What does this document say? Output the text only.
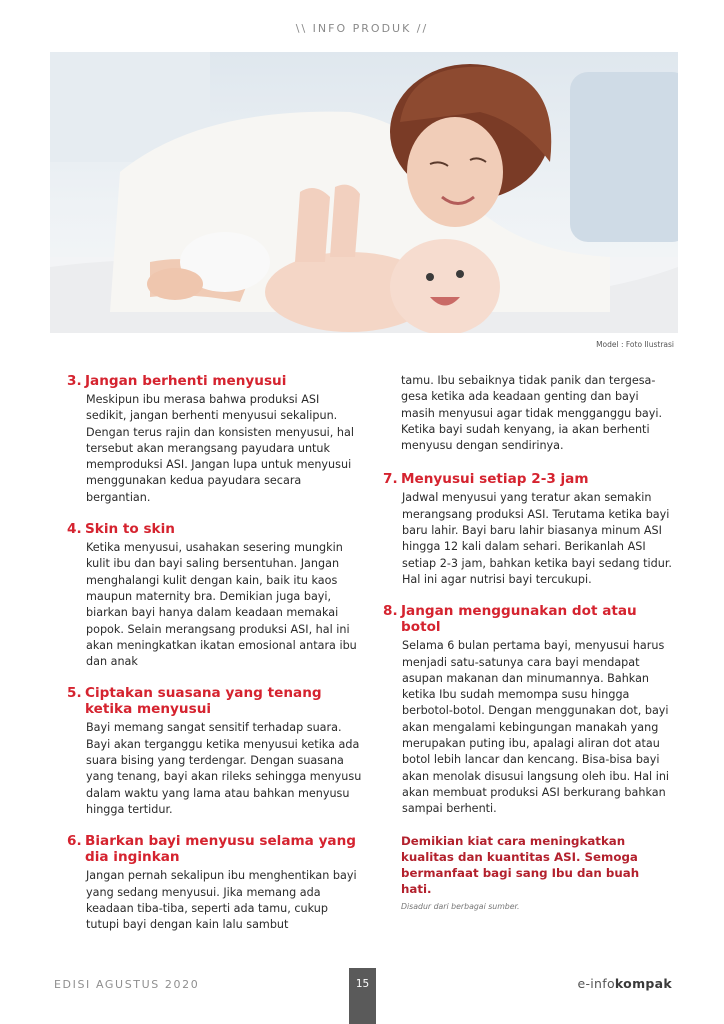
\\ INFO PRODUK //
Model : Foto Ilustrasi
3. Jangan berhenti menyusui
Meskipun ibu merasa bahwa produksi ASI sedikit, jangan berhenti menyusui sekalipun. Dengan terus rajin dan konsisten menyusui, hal tersebut akan merangsang payudara untuk memproduksi ASI. Jangan lupa untuk menyusui menggunakan kedua payudara secara bergantian.
4. Skin to skin
Ketika menyusui, usahakan sesering mungkin kulit ibu dan bayi saling bersentuhan. Jangan menghalangi kulit dengan kain, baik itu kaos maupun maternity bra. Demikian juga bayi, biarkan bayi hanya dalam keadaan memakai popok. Selain merangsang produksi ASI, hal ini akan meningkatkan ikatan emosional antara ibu dan anak
5. Ciptakan suasana yang tenang ketika menyusui
Bayi memang sangat sensitif terhadap suara. Bayi akan terganggu ketika menyusui ketika ada suara bising yang terdengar. Dengan suasana yang tenang, bayi akan rileks sehingga menyusu dalam waktu yang lama atau bahkan menyusu hingga tertidur.
6. Biarkan bayi menyusu selama yang dia inginkan
Jangan pernah sekalipun ibu menghentikan bayi yang sedang menyusui. Jika memang ada keadaan tiba-tiba, seperti ada tamu, cukup tutupi bayi dengan kain lalu sambut
tamu. Ibu sebaiknya tidak panik dan tergesa-gesa ketika ada keadaan genting dan bayi masih menyusui agar tidak mengganggu bayi. Ketika bayi sudah kenyang, ia akan berhenti menyusu dengan sendirinya.
7. Menyusui setiap 2-3 jam
Jadwal menyusui yang teratur akan semakin merangsang produksi ASI. Terutama ketika bayi baru lahir. Bayi baru lahir biasanya minum ASI hingga 12 kali dalam sehari. Berikanlah ASI setiap 2-3 jam, bahkan ketika bayi sedang tidur. Hal ini agar nutrisi bayi tercukupi.
8. Jangan menggunakan dot atau botol
Selama 6 bulan pertama bayi, menyusui harus menjadi satu-satunya cara bayi mendapat asupan makanan dan minumannya. Bahkan ketika Ibu sudah memompa susu hingga berbotol-botol. Dengan menggunakan dot, bayi akan mengalami kebingungan manakah yang merupakan puting ibu, apalagi aliran dot atau botol lebih lancar dan kencang. Bisa-bisa bayi akan menolak disusui langsung oleh ibu. Hal ini akan membuat produksi ASI berkurang bahkan sampai berhenti.
Demikian kiat cara meningkatkan kualitas dan kuantitas ASI. Semoga bermanfaat bagi sang Ibu dan buah hati.
Disadur dari berbagai sumber.
EDISI AGUSTUS 2020	15	e-infokompak
